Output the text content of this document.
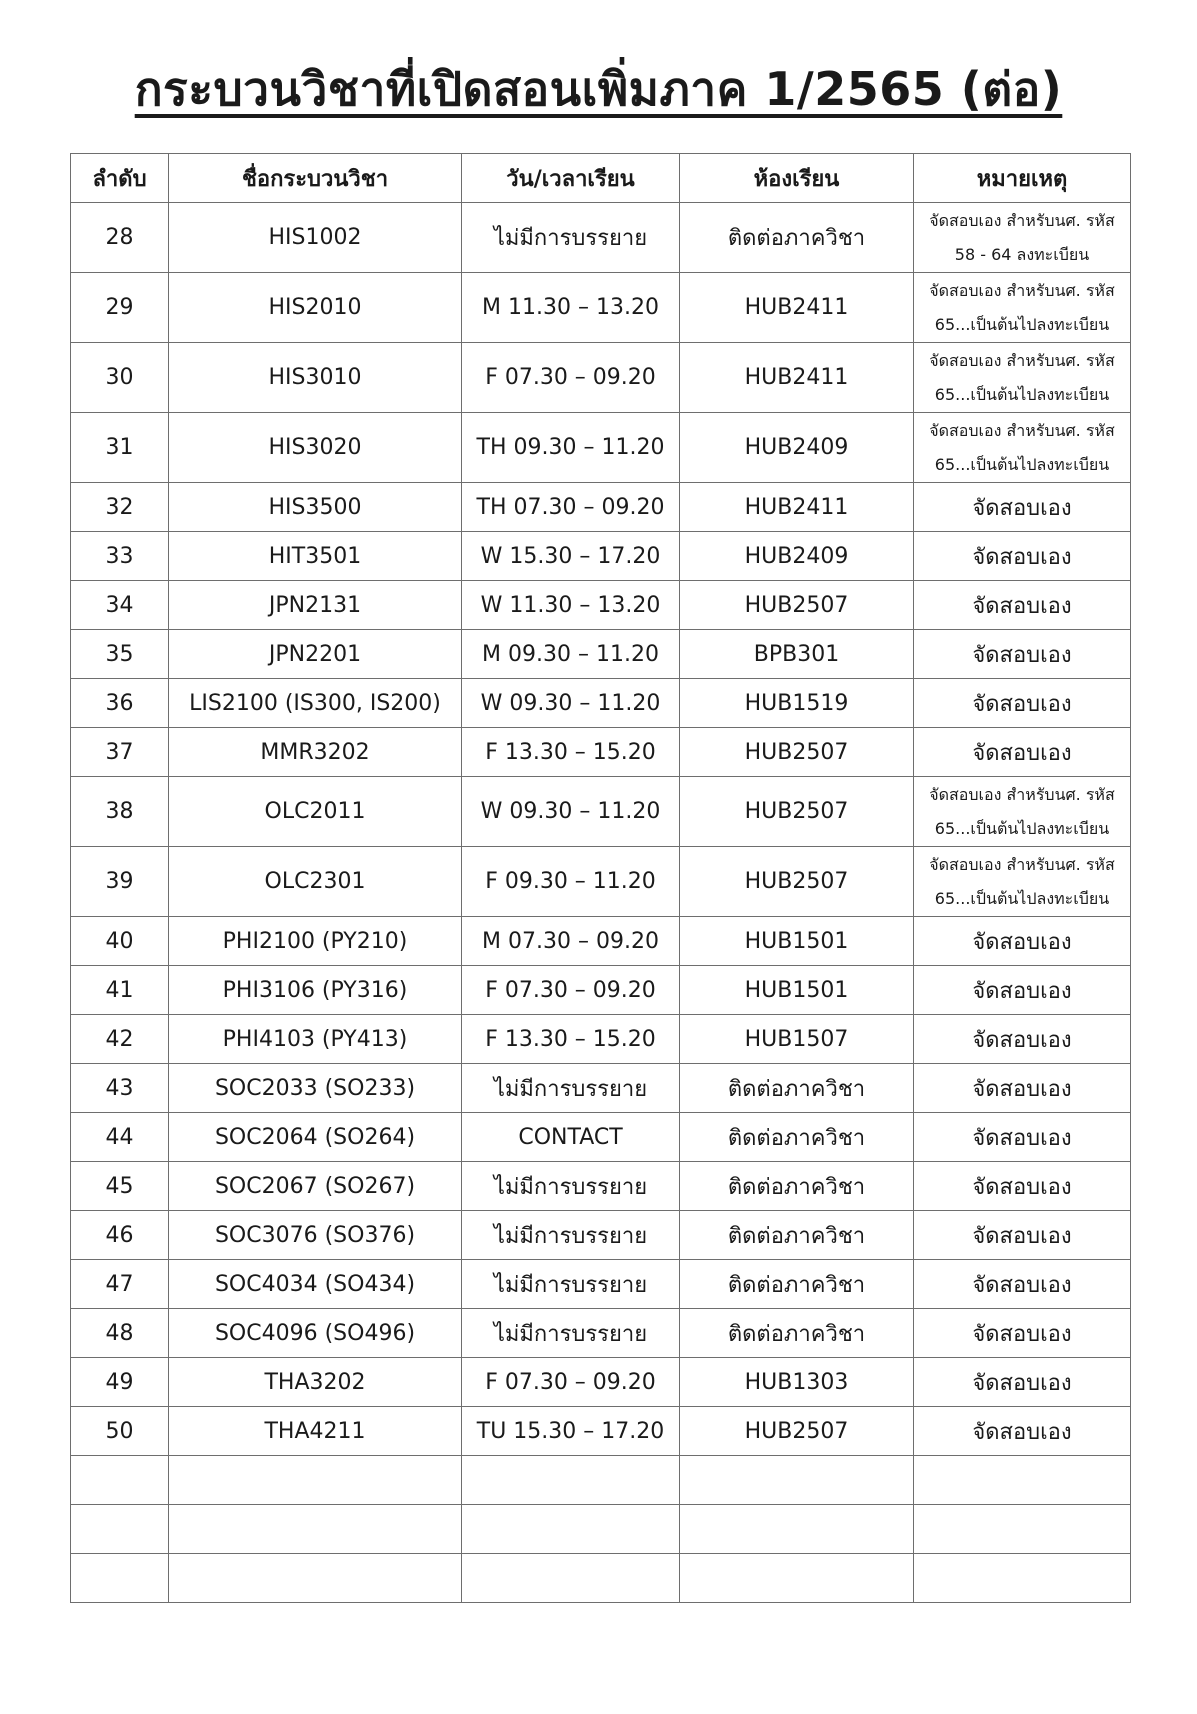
กระบวนวิชาที่เปิดสอนเพิ่มภาค 1/2565 (ต่อ)
ลำดับ	ชื่อกระบวนวิชา	วัน/เวลาเรียน	ห้องเรียน	หมายเหตุ
28	HIS1002	ไม่มีการบรรยาย	ติดต่อภาควิชา	จัดสอบเอง สำหรับนศ. รหัส 58 - 64 ลงทะเบียน
29	HIS2010	M 11.30 – 13.20	HUB2411	จัดสอบเอง สำหรับนศ. รหัส 65...เป็นต้นไปลงทะเบียน
30	HIS3010	F 07.30 – 09.20	HUB2411	จัดสอบเอง สำหรับนศ. รหัส 65...เป็นต้นไปลงทะเบียน
31	HIS3020	TH 09.30 – 11.20	HUB2409	จัดสอบเอง สำหรับนศ. รหัส 65...เป็นต้นไปลงทะเบียน
32	HIS3500	TH 07.30 – 09.20	HUB2411	จัดสอบเอง
33	HIT3501	W 15.30 – 17.20	HUB2409	จัดสอบเอง
34	JPN2131	W 11.30 – 13.20	HUB2507	จัดสอบเอง
35	JPN2201	M 09.30 – 11.20	BPB301	จัดสอบเอง
36	LIS2100 (IS300, IS200)	W 09.30 – 11.20	HUB1519	จัดสอบเอง
37	MMR3202	F 13.30 – 15.20	HUB2507	จัดสอบเอง
38	OLC2011	W 09.30 – 11.20	HUB2507	จัดสอบเอง สำหรับนศ. รหัส 65...เป็นต้นไปลงทะเบียน
39	OLC2301	F 09.30 – 11.20	HUB2507	จัดสอบเอง สำหรับนศ. รหัส 65...เป็นต้นไปลงทะเบียน
40	PHI2100 (PY210)	M 07.30 – 09.20	HUB1501	จัดสอบเอง
41	PHI3106 (PY316)	F 07.30 – 09.20	HUB1501	จัดสอบเอง
42	PHI4103 (PY413)	F 13.30 – 15.20	HUB1507	จัดสอบเอง
43	SOC2033 (SO233)	ไม่มีการบรรยาย	ติดต่อภาควิชา	จัดสอบเอง
44	SOC2064 (SO264)	CONTACT	ติดต่อภาควิชา	จัดสอบเอง
45	SOC2067 (SO267)	ไม่มีการบรรยาย	ติดต่อภาควิชา	จัดสอบเอง
46	SOC3076 (SO376)	ไม่มีการบรรยาย	ติดต่อภาควิชา	จัดสอบเอง
47	SOC4034 (SO434)	ไม่มีการบรรยาย	ติดต่อภาควิชา	จัดสอบเอง
48	SOC4096 (SO496)	ไม่มีการบรรยาย	ติดต่อภาควิชา	จัดสอบเอง
49	THA3202	F 07.30 – 09.20	HUB1303	จัดสอบเอง
50	THA4211	TU 15.30 – 17.20	HUB2507	จัดสอบเอง
